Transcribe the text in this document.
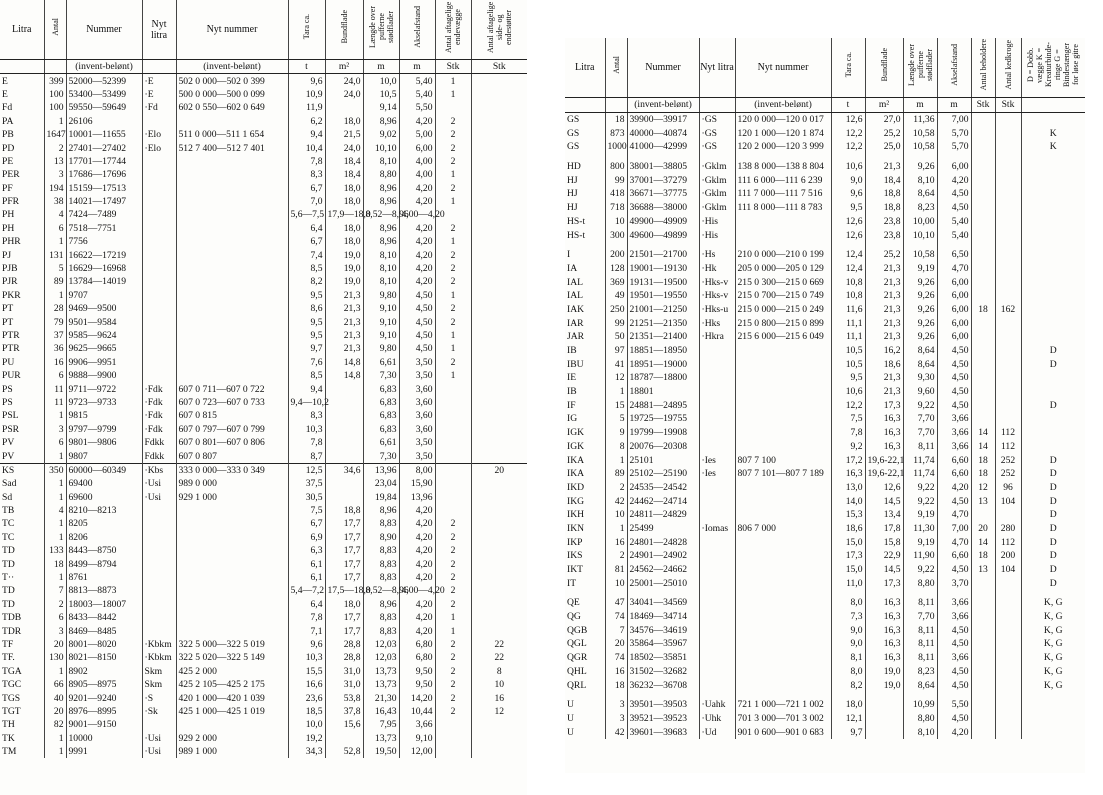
Litra	Antal	Nummer	Nyt litra	Nyt nummer	Tara ca.	Bundflade	Længde over pufferne stødflader	Akselafstand	Antal aftagelige endevægge	Antal aftagelige side- og endestøtter
		(invent-belønt)		(invent-belønt)	t	m²	m	m	Stk	Stk
E	399	52000—52399	·E	502 0 000—502 0 399	9,6	24,0	10,0	5,40	1	
E	100	53400—53499	·E	500 0 000—500 0 099	10,9	24,0	10,5	5,40	1	
Fd	100	59550—59649	·Fd	602 0 550—602 0 649	11,9		9,14	5,50		
PA	1	26106			6,2	18,0	8,96	4,20	2	
PB	1647	10001—11655	·Elo	511 0 000—511 1 654	9,4	21,5	9,02	5,00	2	
PD	2	27401—27402	·Elo	512 7 400—512 7 401	10,4	24,0	10,10	6,00	2	
PE	13	17701—17744			7,8	18,4	8,10	4,00	2	
PER	3	17686—17696			8,3	18,4	8,80	4,00	1	
PF	194	15159—17513			6,7	18,0	8,96	4,20	2	
PFR	38	14021—17497			7,0	18,0	8,96	4,20	1	
PH	4	7424—7489			5,6—7,5	17,9—18,0	8,52—8,96	4,00—4,20		
PH	6	7518—7751			6,4	18,0	8,96	4,20	2	
PHR	1	7756			6,7	18,0	8,96	4,20	1	
PJ	131	16622—17219			7,4	19,0	8,10	4,20	2	
PJB	5	16629—16968			8,5	19,0	8,10	4,20	2	
PJR	89	13784—14019			8,2	19,0	8,10	4,20	2	
PKR	1	9707			9,5	21,3	9,80	4,50	1	
PT	28	9469—9500			8,6	21,3	9,10	4,50	2	
PT	79	9501—9584			9,5	21,3	9,10	4,50	2	
PTR	37	9585—9624			9,5	21,3	9,10	4,50	1	
PTR	36	9625—9665			9,7	21,3	9,80	4,50	1	
PU	16	9906—9951			7,6	14,8	6,61	3,50	2	
PUR	6	9888—9900			8,5	14,8	7,30	3,50	1	
PS	11	9711—9722	·Fdk	607 0 711—607 0 722	9,4		6,83	3,60		
PS	11	9723—9733	·Fdk	607 0 723—607 0 733	9,4—10,2		6,83	3,60		
PSL	1	9815	·Fdk	607 0 815	8,3		6,83	3,60		
PSR	3	9797—9799	·Fdk	607 0 797—607 0 799	10,3		6,83	3,60		
PV	6	9801—9806	Fdkk	607 0 801—607 0 806	7,8		6,61	3,50		
PV	1	9807	Fdkk	607 0 807	8,7		7,30	3,50		
KS	350	60000—60349	·Kbs	333 0 000—333 0 349	12,5	34,6	13,96	8,00		20
Sad	1	69400	·Usi	989 0 000	37,5		23,04	15,90		
Sd	1	69600	·Usi	929 1 000	30,5		19,84	13,96		
TB	4	8210—8213			7,5	18,8	8,96	4,20		
TC	1	8205			6,7	17,7	8,83	4,20	2	
TC	1	8206			6,9	17,7	8,90	4,20	2	
TD	133	8443—8750			6,3	17,7	8,83	4,20	2	
TD	18	8499—8794			6,1	17,7	8,83	4,20	2	
T··	1	8761			6,1	17,7	8,83	4,20	2	
TD	7	8813—8873			5,4—7,2	17,5—18,0	8,52—8,96	4,00—4,20	2	
TD	2	18003—18007			6,4	18,0	8,96	4,20	2	
TDB	6	8433—8442			7,8	17,7	8,83	4,20	1	
TDR	3	8469—8485			7,1	17,7	8,83	4,20	1	
TF	20	8001—8020	·Kbkm	322 5 000—322 5 019	9,6	28,8	12,03	6,80	2	22
TF.	130	8021—8150	·Kbkm	322 5 020—322 5 149	10,3	28,8	12,03	6,80	2	22
TGA	1	8902	Skm	425 2 000	15,5	31,0	13,73	9,50	2	8
TGC	66	8905—8975	Skm	425 2 105—425 2 175	16,6	31,0	13,73	9,50	2	10
TGS	40	9201—9240	·S	420 1 000—420 1 039	23,6	53,8	21,30	14,20	2	16
TGT	20	8976—8995	·Sk	425 1 000—425 1 019	18,5	37,8	16,43	10,44	2	12
TH	82	9001—9150			10,0	15,6	7,95	3,66		
TK	1	10000	·Usi	929 2 000	19,2		13,73	9,10		
TM	1	9991	·Usi	989 1 000	34,3	52,8	19,50	12,00		
Litra	Antal	Nummer	Nyt litra	Nyt nummer	Tara ca.	Bundflade	Længde over pufferne stødflader	Akselafstand	Antal beholdere	Antal kedkroge	D = Dobb. vægge K = Kreaturbinde- ringe G = Bindestænger for løse gitre
		(invent-belønt)		(invent-belønt)	t	m²	m	m	Stk	Stk	
GS	18	39900—39917	·GS	120 0 000—120 0 017	12,6	27,0	11,36	7,00			
GS	873	40000—40874	·GS	120 1 000—120 1 874	12,2	25,2	10,58	5,70			K
GS	1000	41000—42999	·GS	120 2 000—120 3 999	12,2	25,0	10,58	5,70			K

HD	800	38001—38805	·Gklm	138 8 000—138 8 804	10,6	21,3	9,26	6,00			
HJ	99	37001—37279	·Gklm	111 6 000—111 6 239	9,0	18,4	8,10	4,20			
HJ	418	36671—37775	·Gklm	111 7 000—111 7 516	9,6	18,8	8,64	4,50			
HJ	718	36688—38000	·Gklm	111 8 000—111 8 783	9,5	18,8	8,23	4,50			
HS-t	10	49900—49909	·His		12,6	23,8	10,00	5,40			
HS-t	300	49600—49899	·His		12,6	23,8	10,10	5,40			

I	200	21501—21700	·Hs	210 0 000—210 0 199	12,4	25,2	10,58	6,50			
IA	128	19001—19130	·Hk	205 0 000—205 0 129	12,4	21,3	9,19	4,70			
IAL	369	19131—19500	·Hks-v	215 0 300—215 0 669	10,8	21,3	9,26	6,00			
IAL	49	19501—19550	·Hks-v	215 0 700—215 0 749	10,8	21,3	9,26	6,00			
IAK	250	21001—21250	·Hks-u	215 0 000—215 0 249	11,6	21,3	9,26	6,00	18	162	
IAR	99	21251—21350	·Hks	215 0 800—215 0 899	11,1	21,3	9,26	6,00			
JAR	50	21351—21400	·Hkra	215 6 000—215 6 049	11,1	21,3	9,26	6,00			
IB	97	18851—18950			10,5	16,2	8,64	4,50			D
IBU	41	18951—19000			10,5	18,6	8,64	4,50			D
IE	12	18787—18800			9,5	21,3	9,30	4,50			
IB	1	18801			10,6	21,3	9,60	4,50			
IF	15	24881—24895			12,2	17,3	9,22	4,50			D
IG	5	19725—19755			7,5	16,3	7,70	3,66			
IGK	9	19799—19908			7,8	16,3	7,70	3,66	14	112	
IGK	8	20076—20308			9,2	16,3	8,11	3,66	14	112	
IKA	1	25101	·Ies	807 7 100	17,2	19,6-22,1	11,74	6,60	18	252	D
IKA	89	25102—25190	·Ies	807 7 101—807 7 189	16,3	19,6-22,1	11,74	6,60	18	252	D
IKD	2	24535—24542			13,0	12,6	9,22	4,20	12	96	D
IKG	42	24462—24714			14,0	14,5	9,22	4,50	13	104	D
IKH	10	24811—24829			15,3	13,4	9,19	4,70			D
IKN	1	25499	·Iomas	806 7 000	18,6	17,8	11,30	7,00	20	280	D
IKP	16	24801—24828			15,0	15,8	9,19	4,70	14	112	D
IKS	2	24901—24902			17,3	22,9	11,90	6,60	18	200	D
IKT	81	24562—24662			15,0	14,5	9,22	4,50	13	104	D
IT	10	25001—25010			11,0	17,3	8,80	3,70			D

QE	47	34041—34569			8,0	16,3	8,11	3,66			K, G
QG	74	18469—34714			7,3	16,3	7,70	3,66			K, G
QGB	7	34576—34619			9,0	16,3	8,11	4,50			K, G
QGL	20	35864—35967			9,0	16,3	8,11	4,50			K, G
QGR	74	18502—35851			8,1	16,3	8,11	3,66			K, G
QHL	16	31502—32682			8,0	19,0	8,23	4,50			K, G
QRL	18	36232—36708			8,2	19,0	8,64	4,50			K, G

U	3	39501—39503	·Uahk	721 1 000—721 1 002	18,0		10,99	5,50			
U	3	39521—39523	·Uhk	701 3 000—701 3 002	12,1		8,80	4,50			
U	42	39601—39683	·Ud	901 0 600—901 0 683	9,7		8,10	4,20			
